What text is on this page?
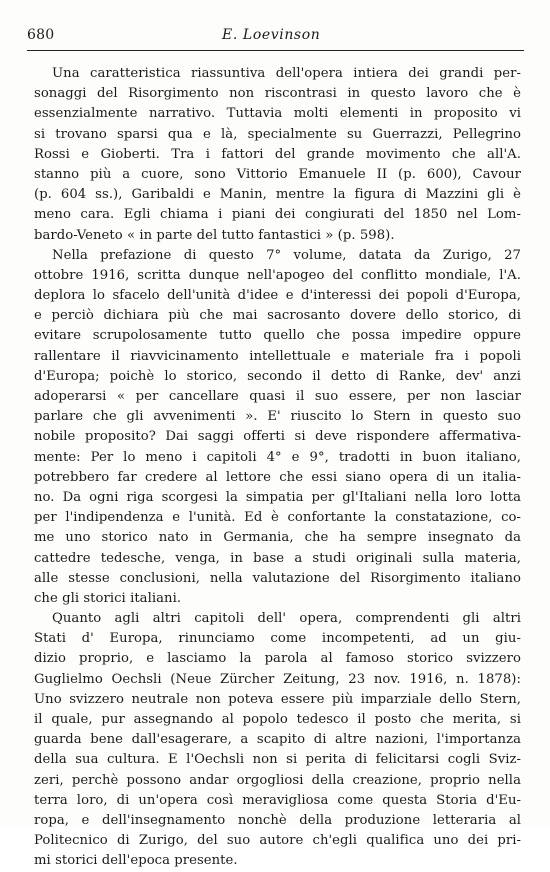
680	E. Loevinson
Una caratteristica riassuntiva dell'opera intiera dei grandi per-
sonaggi del Risorgimento non riscontrasi in questo lavoro che è
essenzialmente narrativo. Tuttavia molti elementi in proposito vi
si trovano sparsi qua e là, specialmente su Guerrazzi, Pellegrino
Rossi e Gioberti. Tra i fattori del grande movimento che all'A.
stanno più a cuore, sono Vittorio Emanuele II (p. 600), Cavour
(p. 604 ss.), Garibaldi e Manin, mentre la figura di Mazzini gli è
meno cara. Egli chiama i piani dei congiurati del 1850 nel Lom-
bardo-Veneto « in parte del tutto fantastici » (p. 598).
Nella prefazione di questo 7° volume, datata da Zurigo, 27
ottobre 1916, scritta dunque nell'apogeo del conflitto mondiale, l'A.
deplora lo sfacelo dell'unità d'idee e d'interessi dei popoli d'Europa,
e perciò dichiara più che mai sacrosanto dovere dello storico, di
evitare scrupolosamente tutto quello che possa impedire oppure
rallentare il riavvicinamento intellettuale e materiale fra i popoli
d'Europa; poichè lo storico, secondo il detto di Ranke, dev' anzi
adoperarsi « per cancellare quasi il suo essere, per non lasciar
parlare che gli avvenimenti ». E' riuscito lo Stern in questo suo
nobile proposito? Dai saggi offerti si deve rispondere affermativa-
mente: Per lo meno i capitoli 4° e 9°, tradotti in buon italiano,
potrebbero far credere al lettore che essi siano opera di un italia-
no. Da ogni riga scorgesi la simpatia per gl'Italiani nella loro lotta
per l'indipendenza e l'unità. Ed è confortante la constatazione, co-
me uno storico nato in Germania, che ha sempre insegnato da
cattedre tedesche, venga, in base a studi originali sulla materia,
alle stesse conclusioni, nella valutazione del Risorgimento italiano
che gli storici italiani.
Quanto agli altri capitoli dell' opera, comprendenti gli altri
Stati d' Europa, rinunciamo come incompetenti, ad un giu-
dizio proprio, e lasciamo la parola al famoso storico svizzero
Guglielmo Oechsli (Neue Zürcher Zeitung, 23 nov. 1916, n. 1878):
Uno svizzero neutrale non poteva essere più imparziale dello Stern,
il quale, pur assegnando al popolo tedesco il posto che merita, si
guarda bene dall'esagerare, a scapito di altre nazioni, l'importanza
della sua cultura. E l'Oechsli non si perita di felicitarsi cogli Sviz-
zeri, perchè possono andar orgogliosi della creazione, proprio nella
terra loro, di un'opera così meravigliosa come questa Storia d'Eu-
ropa, e dell'insegnamento nonchè della produzione letteraria al
Politecnico di Zurigo, del suo autore ch'egli qualifica uno dei pri-
mi storici dell'epoca presente.
